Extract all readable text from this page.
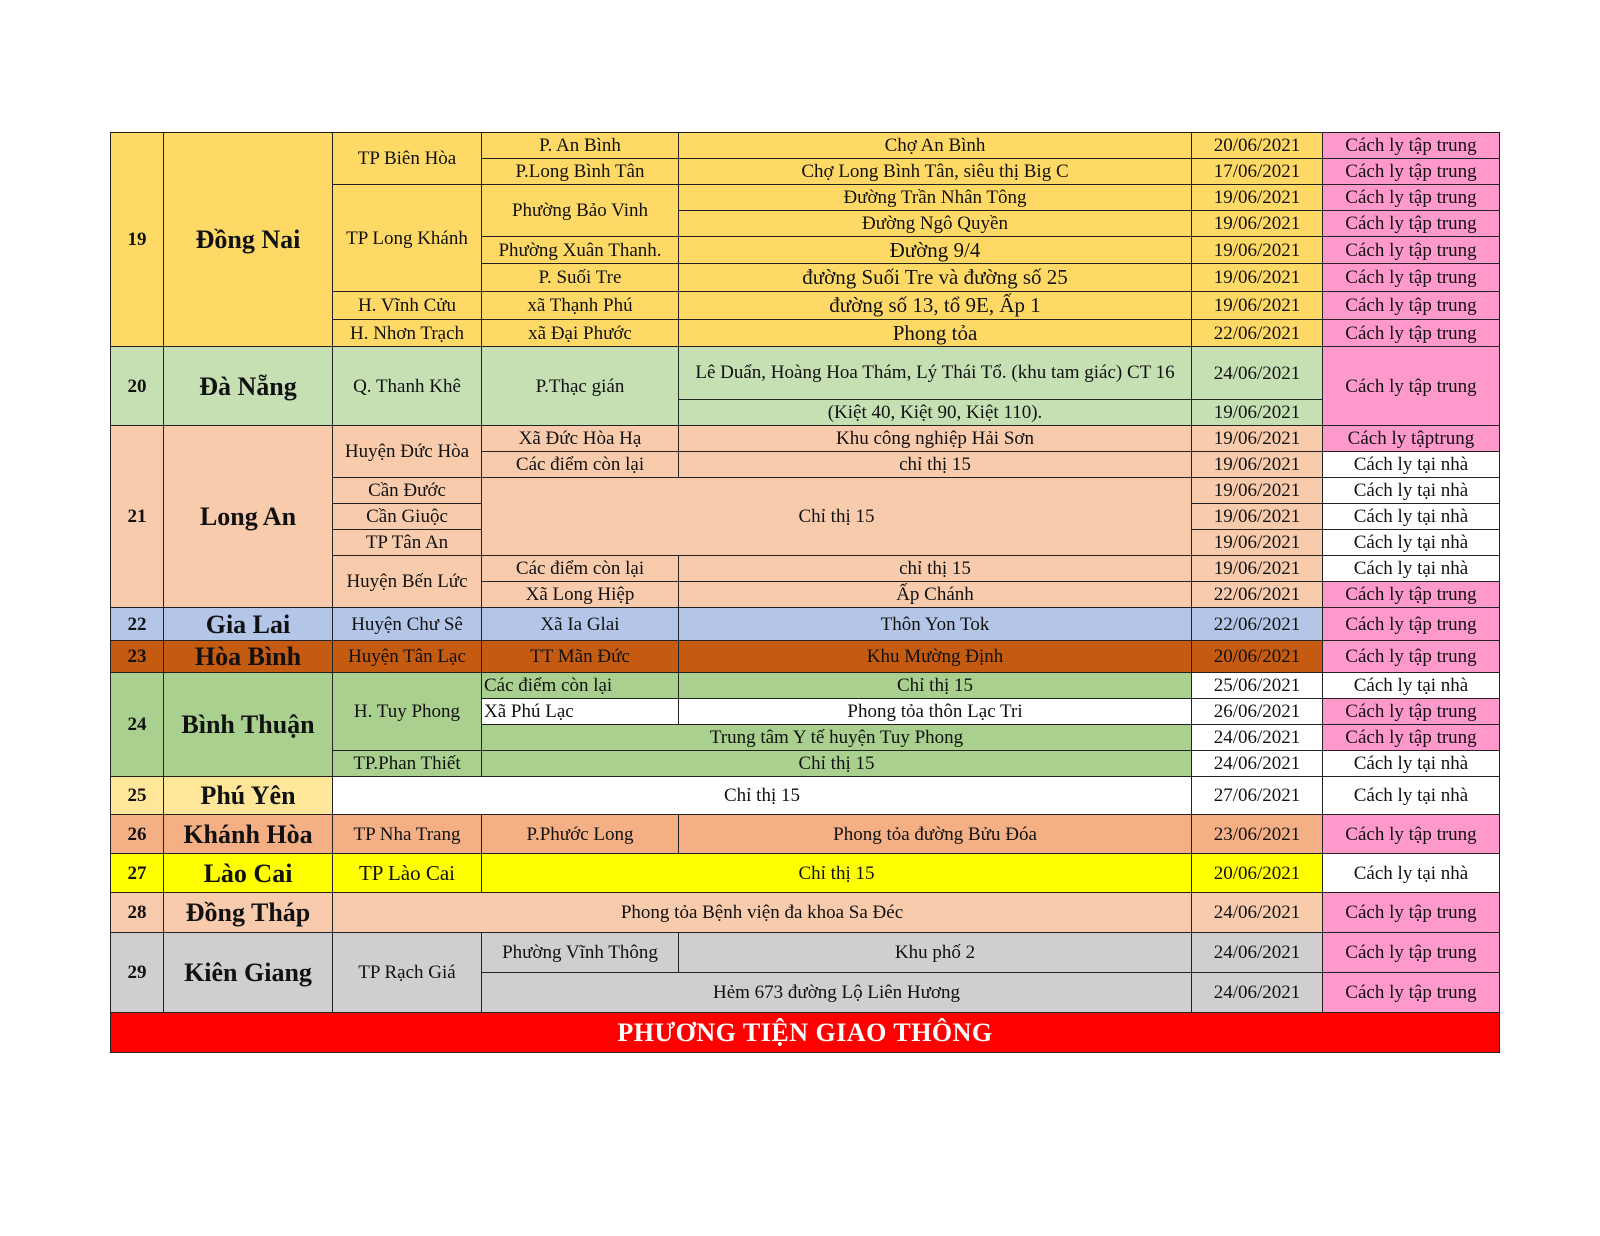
19	Đồng Nai	TP Biên Hòa	P. An Bình	Chợ An Bình	20/06/2021	Cách ly tập trung
			P.Long Bình Tân	Chợ Long Bình Tân, siêu thị Big C	17/06/2021	Cách ly tập trung
		TP Long Khánh	Phường Bảo Vinh	Đường Trần Nhân Tông	19/06/2021	Cách ly tập trung
				Đường Ngô Quyền	19/06/2021	Cách ly tập trung
			Phường Xuân Thanh.	Đường 9/4	19/06/2021	Cách ly tập trung
			P. Suối Tre	đường Suối Tre và đường số 25	19/06/2021	Cách ly tập trung
		H. Vĩnh Cửu	xã Thạnh Phú	đường số 13, tổ 9E, Ấp 1	19/06/2021	Cách ly tập trung
		H. Nhơn Trạch	xã Đại Phước	Phong tỏa	22/06/2021	Cách ly tập trung
20	Đà Nẵng	Q. Thanh Khê	P.Thạc gián	Lê Duẩn, Hoàng Hoa Thám, Lý Thái Tổ. (khu tam giác) CT 16	24/06/2021	Cách ly tập trung
				(Kiệt 40, Kiệt 90, Kiệt 110).	19/06/2021	
21	Long An	Huyện Đức Hòa	Xã Đức Hòa Hạ	Khu công nghiệp Hải Sơn	19/06/2021	Cách ly tậptrung
			Các điểm còn lại	chỉ thị 15	19/06/2021	Cách ly tại nhà
		Cần Đước	Chỉ thị 15		19/06/2021	Cách ly tại nhà
		Cần Giuộc			19/06/2021	Cách ly tại nhà
		TP Tân An			19/06/2021	Cách ly tại nhà
		Huyện Bến Lức	Các điểm còn lại	chỉ thị 15	19/06/2021	Cách ly tại nhà
			Xã Long Hiệp	Ấp Chánh	22/06/2021	Cách ly tập trung
22	Gia Lai	Huyện Chư Sê	Xã Ia Glai	Thôn Yon Tok	22/06/2021	Cách ly tập trung
23	Hòa Bình	Huyện Tân Lạc	TT Mãn Đức	Khu Mường Định	20/06/2021	Cách ly tập trung
24	Bình Thuận	H. Tuy Phong	Các điểm còn lại	Chỉ thị 15	25/06/2021	Cách ly tại nhà
			Xã Phú Lạc	Phong tỏa thôn Lạc Tri	26/06/2021	Cách ly tập trung
			Trung tâm Y tế huyện Tuy Phong		24/06/2021	Cách ly tập trung
		TP.Phan Thiết	Chỉ thị 15		24/06/2021	Cách ly tại nhà
25	Phú Yên	Chỉ thị 15			27/06/2021	Cách ly tại nhà
26	Khánh Hòa	TP Nha Trang	P.Phước Long	Phong tỏa đường Bửu Đóa	23/06/2021	Cách ly tập trung
27	Lào Cai	TP Lào Cai	Chỉ thị 15		20/06/2021	Cách ly tại nhà
28	Đồng Tháp	Phong tỏa Bệnh viện đa khoa Sa Đéc			24/06/2021	Cách ly tập trung
29	Kiên Giang	TP Rạch Giá	Phường Vĩnh Thông	Khu phố 2	24/06/2021	Cách ly tập trung
			Hẻm 673 đường Lộ Liên Hương		24/06/2021	Cách ly tập trung
PHƯƠNG TIỆN GIAO THÔNG						
